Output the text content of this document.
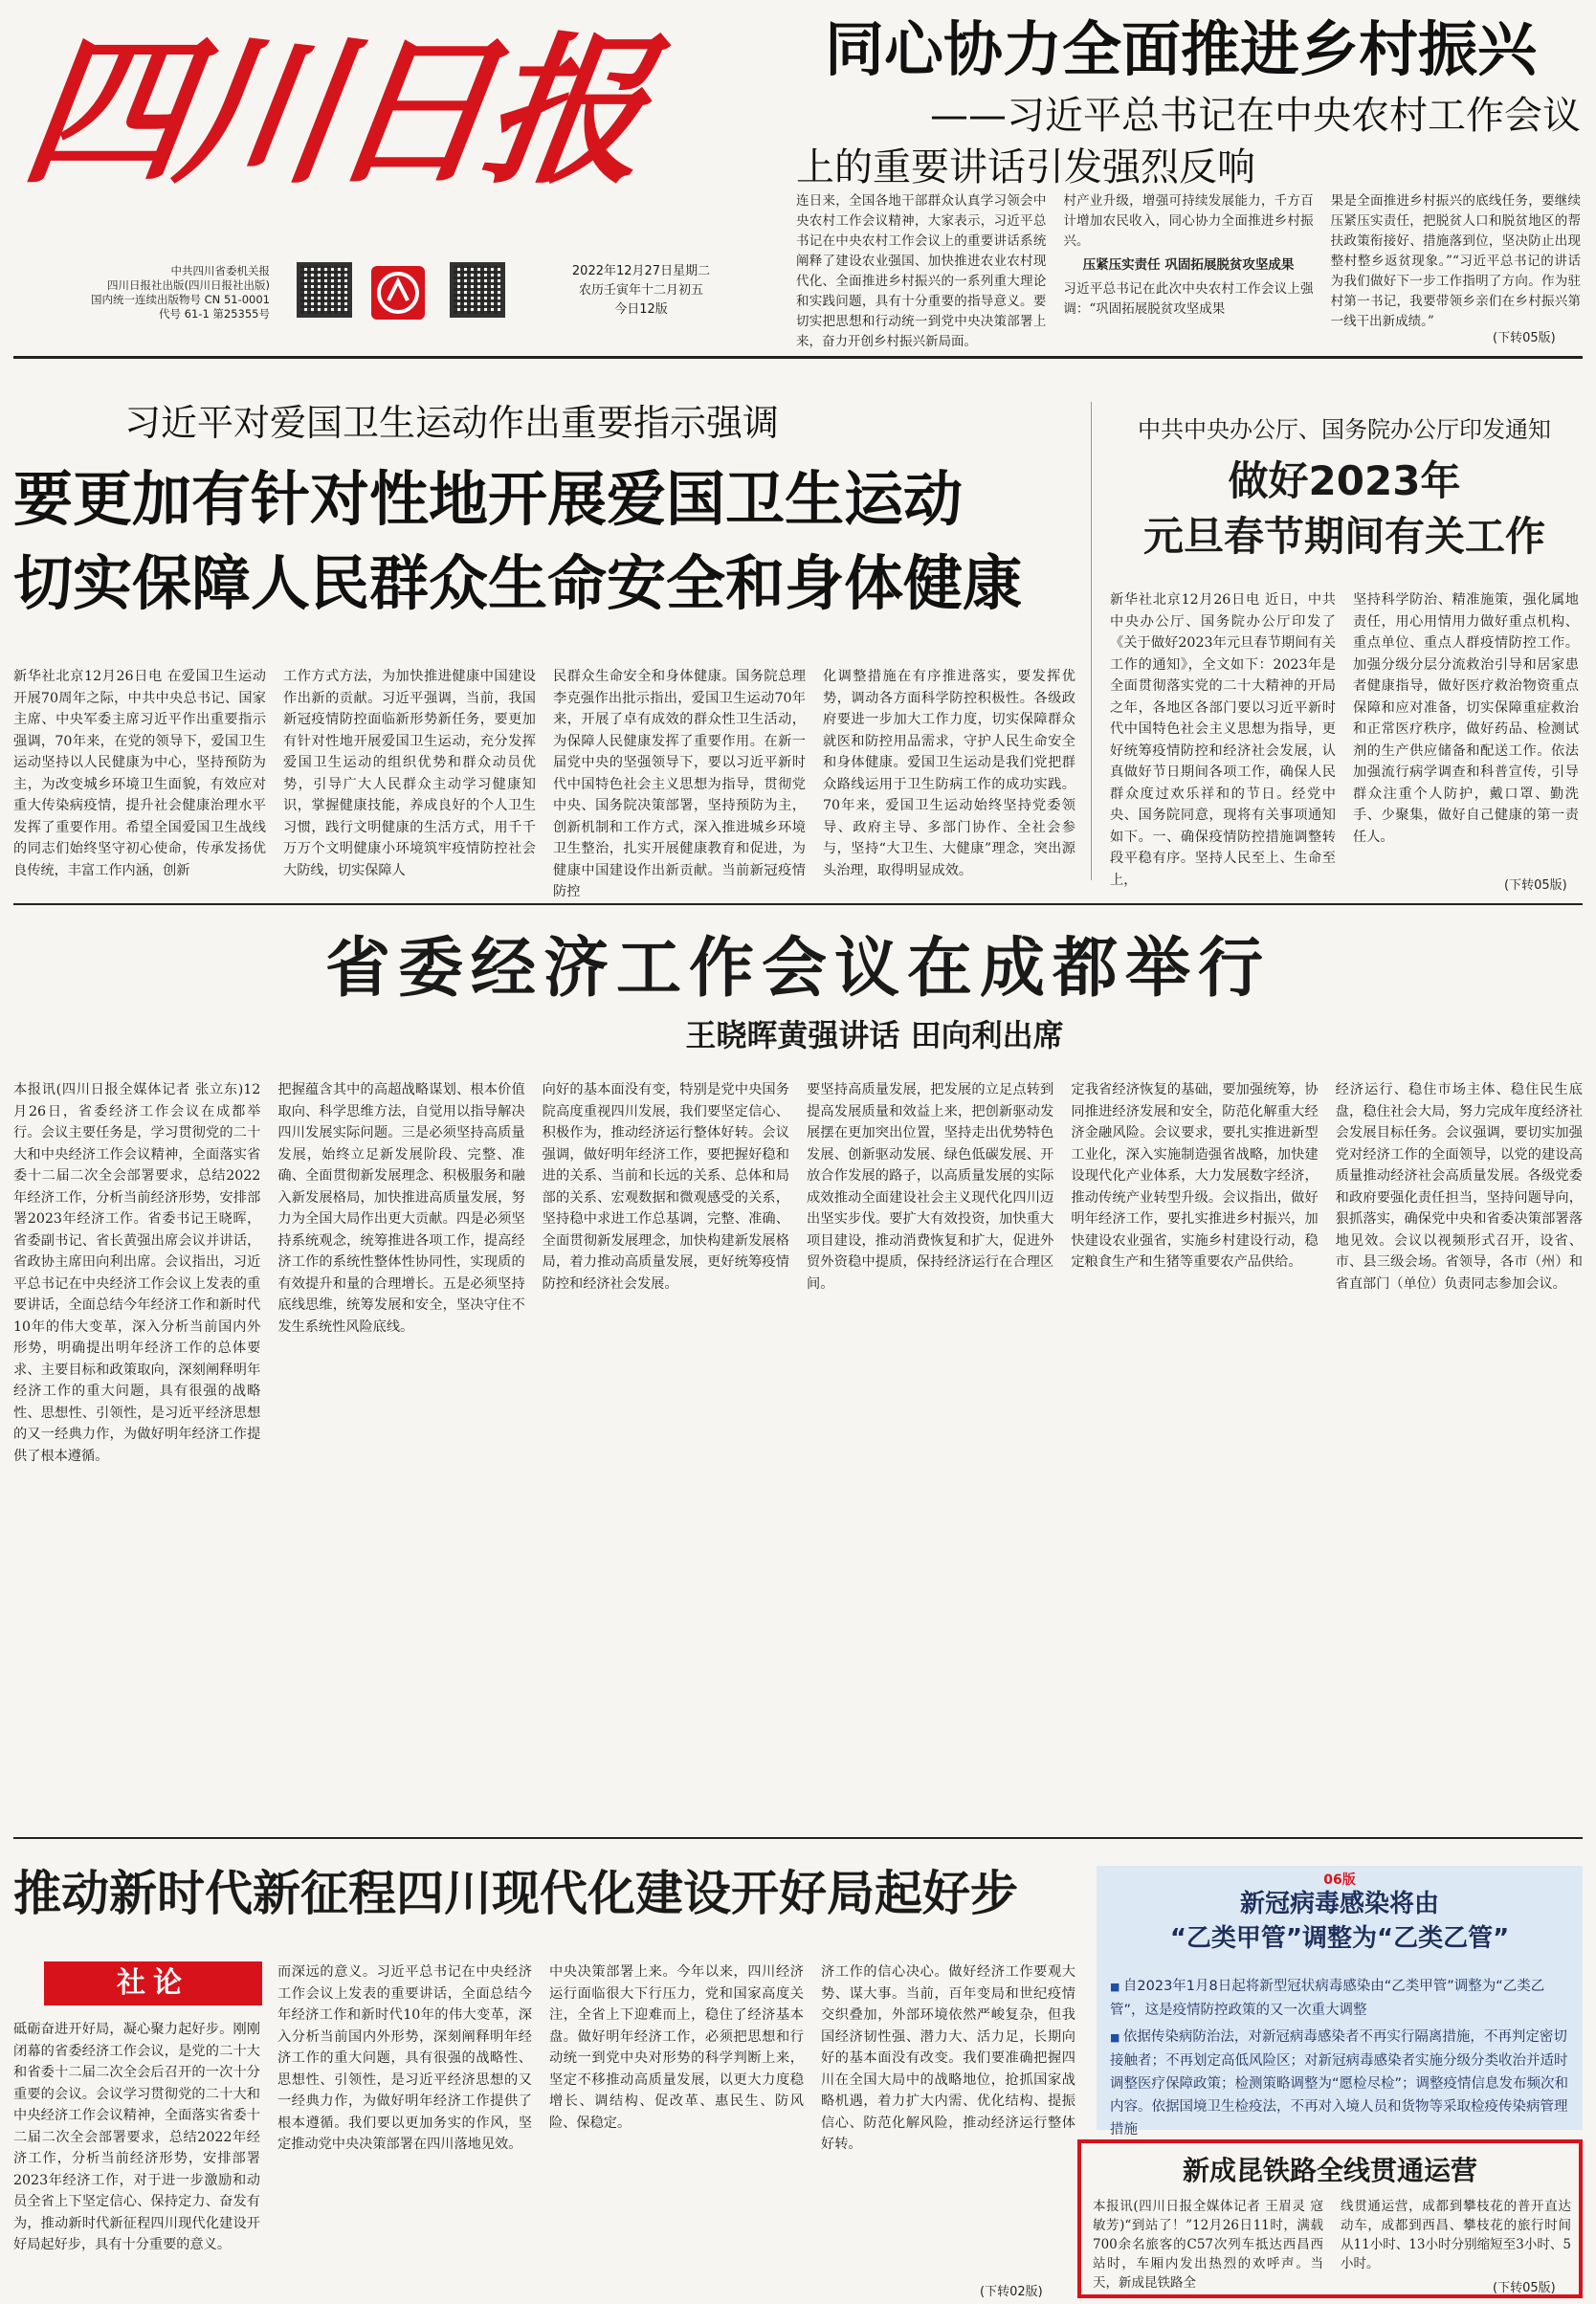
四川日报
中共四川省委机关报
四川日报社出版(四川日报社出版)
国内统一连续出版物号 CN 51-0001
代号 61-1 第25355号
2022年12月27日星期二
农历壬寅年十二月初五
今日12版
同心协力全面推进乡村振兴
——习近平总书记在中央农村工作会议上的重要讲话引发强烈反响
连日来，全国各地干部群众认真学习领会中央农村工作会议精神，大家表示，习近平总书记在中央农村工作会议上的重要讲话系统阐释了建设农业强国、加快推进农业农村现代化、全面推进乡村振兴的一系列重大理论和实践问题，具有十分重要的指导意义。要切实把思想和行动统一到党中央决策部署上来，奋力开创乡村振兴新局面。
村产业升级，增强可持续发展能力，千方百计增加农民收入，同心协力全面推进乡村振兴。
压紧压实责任 巩固拓展脱贫攻坚成果
习近平总书记在此次中央农村工作会议上强调：“巩固拓展脱贫攻坚成果
果是全面推进乡村振兴的底线任务，要继续压紧压实责任，把脱贫人口和脱贫地区的帮扶政策衔接好、措施落到位，坚决防止出现整村整乡返贫现象。”“习近平总书记的讲话为我们做好下一步工作指明了方向。作为驻村第一书记，我要带领乡亲们在乡村振兴第一线干出新成绩。”
(下转05版)
习近平对爱国卫生运动作出重要指示强调
要更加有针对性地开展爱国卫生运动
切实保障人民群众生命安全和身体健康
新华社北京12月26日电 在爱国卫生运动开展70周年之际，中共中央总书记、国家主席、中央军委主席习近平作出重要指示强调，70年来，在党的领导下，爱国卫生运动坚持以人民健康为中心，坚持预防为主，为改变城乡环境卫生面貌，有效应对重大传染病疫情，提升社会健康治理水平发挥了重要作用。希望全国爱国卫生战线的同志们始终坚守初心使命，传承发扬优良传统，丰富工作内涵，创新
工作方式方法，为加快推进健康中国建设作出新的贡献。习近平强调，当前，我国新冠疫情防控面临新形势新任务，要更加有针对性地开展爱国卫生运动，充分发挥爱国卫生运动的组织优势和群众动员优势，引导广大人民群众主动学习健康知识，掌握健康技能，养成良好的个人卫生习惯，践行文明健康的生活方式，用千千万万个文明健康小环境筑牢疫情防控社会大防线，切实保障人
民群众生命安全和身体健康。国务院总理李克强作出批示指出，爱国卫生运动70年来，开展了卓有成效的群众性卫生活动，为保障人民健康发挥了重要作用。在新一届党中央的坚强领导下，要以习近平新时代中国特色社会主义思想为指导，贯彻党中央、国务院决策部署，坚持预防为主，创新机制和工作方式，深入推进城乡环境卫生整治，扎实开展健康教育和促进，为健康中国建设作出新贡献。当前新冠疫情防控
化调整措施在有序推进落实，要发挥优势，调动各方面科学防控积极性。各级政府要进一步加大工作力度，切实保障群众就医和防控用品需求，守护人民生命安全和身体健康。爱国卫生运动是我们党把群众路线运用于卫生防病工作的成功实践。70年来，爱国卫生运动始终坚持党委领导、政府主导、多部门协作、全社会参与，坚持“大卫生、大健康”理念，突出源头治理，取得明显成效。
中共中央办公厅、国务院办公厅印发通知
做好2023年
元旦春节期间有关工作
新华社北京12月26日电 近日，中共中央办公厅、国务院办公厅印发了《关于做好2023年元旦春节期间有关工作的通知》，全文如下：2023年是全面贯彻落实党的二十大精神的开局之年，各地区各部门要以习近平新时代中国特色社会主义思想为指导，更好统筹疫情防控和经济社会发展，认真做好节日期间各项工作，确保人民群众度过欢乐祥和的节日。经党中央、国务院同意，现将有关事项通知如下。一、确保疫情防控措施调整转段平稳有序。坚持人民至上、生命至上，
坚持科学防治、精准施策，强化属地责任，用心用情用力做好重点机构、重点单位、重点人群疫情防控工作。加强分级分层分流救治引导和居家患者健康指导，做好医疗救治物资重点保障和应对准备，切实保障重症救治和正常医疗秩序，做好药品、检测试剂的生产供应储备和配送工作。依法加强流行病学调查和科普宣传，引导群众注重个人防护，戴口罩、勤洗手、少聚集，做好自己健康的第一责任人。
(下转05版)
省委经济工作会议在成都举行
王晓晖黄强讲话 田向利出席
本报讯(四川日报全媒体记者 张立东)12月26日，省委经济工作会议在成都举行。会议主要任务是，学习贯彻党的二十大和中央经济工作会议精神，全面落实省委十二届二次全会部署要求，总结2022年经济工作，分析当前经济形势，安排部署2023年经济工作。省委书记王晓晖，省委副书记、省长黄强出席会议并讲话，省政协主席田向利出席。会议指出，习近平总书记在中央经济工作会议上发表的重要讲话，全面总结今年经济工作和新时代10年的伟大变革，深入分析当前国内外形势，明确提出明年经济工作的总体要求、主要目标和政策取向，深刻阐释明年经济工作的重大问题，具有很强的战略性、思想性、引领性，是习近平经济思想的又一经典力作，为做好明年经济工作提供了根本遵循。
把握蕴含其中的高超战略谋划、根本价值取向、科学思维方法，自觉用以指导解决四川发展实际问题。三是必须坚持高质量发展，始终立足新发展阶段、完整、准确、全面贯彻新发展理念、积极服务和融入新发展格局，加快推进高质量发展，努力为全国大局作出更大贡献。四是必须坚持系统观念，统筹推进各项工作，提高经济工作的系统性整体性协同性，实现质的有效提升和量的合理增长。五是必须坚持底线思维，统筹发展和安全，坚决守住不发生系统性风险底线。
向好的基本面没有变，特别是党中央国务院高度重视四川发展，我们要坚定信心、积极作为，推动经济运行整体好转。会议强调，做好明年经济工作，要把握好稳和进的关系、当前和长远的关系、总体和局部的关系、宏观数据和微观感受的关系，坚持稳中求进工作总基调，完整、准确、全面贯彻新发展理念，加快构建新发展格局，着力推动高质量发展，更好统筹疫情防控和经济社会发展。
要坚持高质量发展，把发展的立足点转到提高发展质量和效益上来，把创新驱动发展摆在更加突出位置，坚持走出优势特色发展、创新驱动发展、绿色低碳发展、开放合作发展的路子，以高质量发展的实际成效推动全面建设社会主义现代化四川迈出坚实步伐。要扩大有效投资，加快重大项目建设，推动消费恢复和扩大，促进外贸外资稳中提质，保持经济运行在合理区间。
定我省经济恢复的基础，要加强统筹，协同推进经济发展和安全，防范化解重大经济金融风险。会议要求，要扎实推进新型工业化，深入实施制造强省战略，加快建设现代化产业体系，大力发展数字经济，推动传统产业转型升级。会议指出，做好明年经济工作，要扎实推进乡村振兴，加快建设农业强省，实施乡村建设行动，稳定粮食生产和生猪等重要农产品供给。
经济运行、稳住市场主体、稳住民生底盘，稳住社会大局，努力完成年度经济社会发展目标任务。会议强调，要切实加强党对经济工作的全面领导，以党的建设高质量推动经济社会高质量发展。各级党委和政府要强化责任担当，坚持问题导向，狠抓落实，确保党中央和省委决策部署落地见效。会议以视频形式召开，设省、市、县三级会场。省领导，各市（州）和省直部门（单位）负责同志参加会议。
推动新时代新征程四川现代化建设开好局起好步
社论
砥砺奋进开好局，凝心聚力起好步。刚刚闭幕的省委经济工作会议，是党的二十大和省委十二届二次全会后召开的一次十分重要的会议。会议学习贯彻党的二十大和中央经济工作会议精神，全面落实省委十二届二次全会部署要求，总结2022年经济工作，分析当前经济形势，安排部署2023年经济工作，对于进一步激励和动员全省上下坚定信心、保持定力、奋发有为，推动新时代新征程四川现代化建设开好局起好步，具有十分重要的意义。
而深远的意义。习近平总书记在中央经济工作会议上发表的重要讲话，全面总结今年经济工作和新时代10年的伟大变革，深入分析当前国内外形势，深刻阐释明年经济工作的重大问题，具有很强的战略性、思想性、引领性，是习近平经济思想的又一经典力作，为做好明年经济工作提供了根本遵循。我们要以更加务实的作风，坚定推动党中央决策部署在四川落地见效。
中央决策部署上来。今年以来，四川经济运行面临很大下行压力，党和国家高度关注，全省上下迎难而上，稳住了经济基本盘。做好明年经济工作，必须把思想和行动统一到党中央对形势的科学判断上来，坚定不移推动高质量发展，以更大力度稳增长、调结构、促改革、惠民生、防风险、保稳定。
济工作的信心决心。做好经济工作要观大势、谋大事。当前，百年变局和世纪疫情交织叠加，外部环境依然严峻复杂，但我国经济韧性强、潜力大、活力足，长期向好的基本面没有改变。我们要准确把握四川在全国大局中的战略地位，抢抓国家战略机遇，着力扩大内需、优化结构、提振信心、防范化解风险，推动经济运行整体好转。
(下转02版)
06版
新冠病毒感染将由
“乙类甲管”调整为“乙类乙管”
■ 自2023年1月8日起将新型冠状病毒感染由“乙类甲管”调整为“乙类乙管”，这是疫情防控政策的又一次重大调整
■ 依据传染病防治法，对新冠病毒感染者不再实行隔离措施，不再判定密切接触者；不再划定高低风险区；对新冠病毒感染者实施分级分类收治并适时调整医疗保障政策；检测策略调整为“愿检尽检”；调整疫情信息发布频次和内容。依据国境卫生检疫法，不再对入境人员和货物等采取检疫传染病管理措施
新成昆铁路全线贯通运营
本报讯(四川日报全媒体记者 王眉灵 寇敏芳)“到站了！”12月26日11时，满载700余名旅客的C57次列车抵达西昌西站时，车厢内发出热烈的欢呼声。当天，新成昆铁路全
线贯通运营，成都到攀枝花的普开直达动车，成都到西昌、攀枝花的旅行时间从11小时、13小时分别缩短至3小时、5小时。
(下转05版)
